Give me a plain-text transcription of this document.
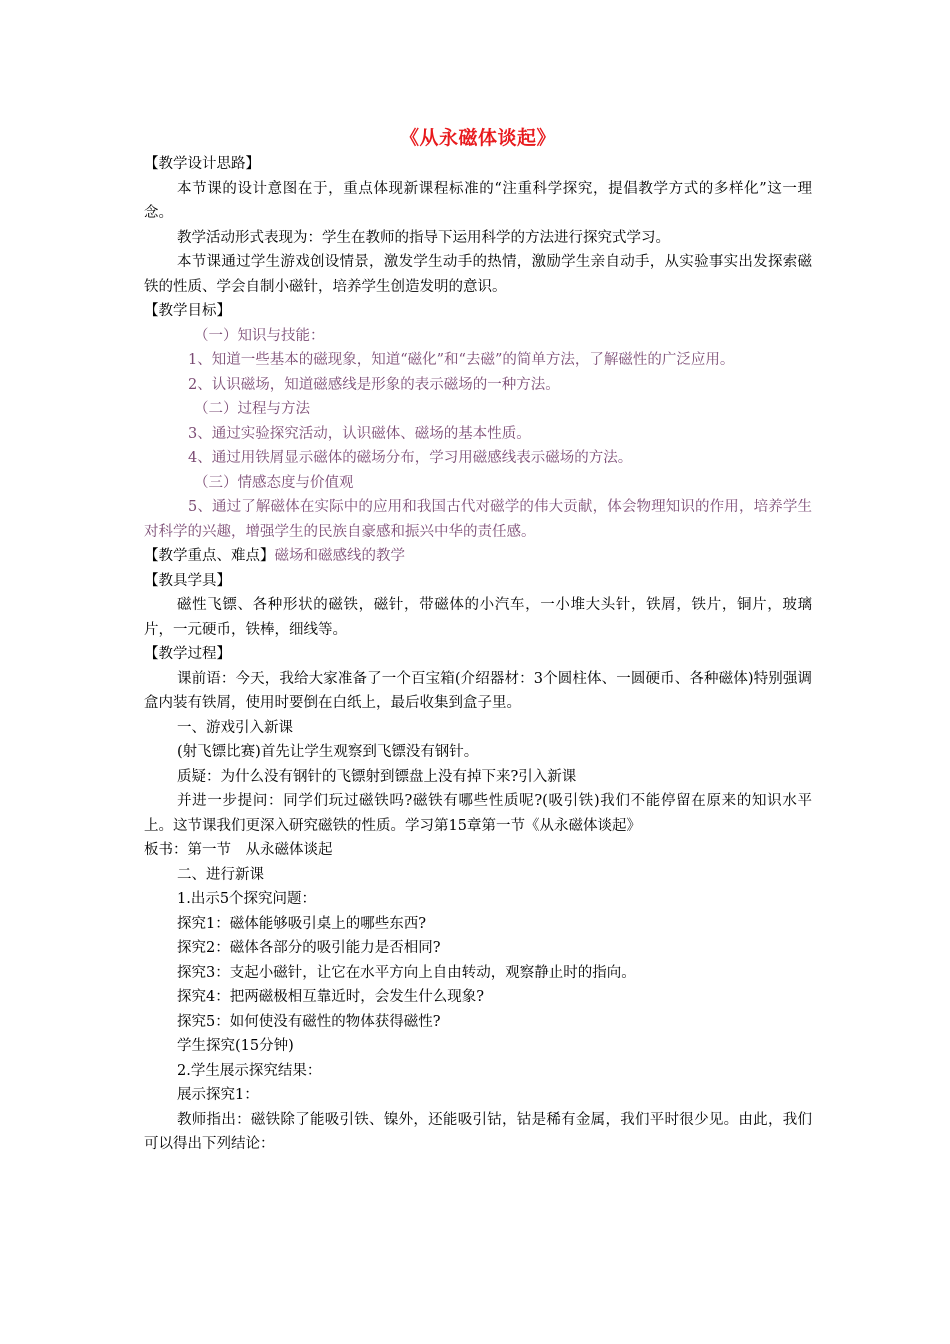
《从永磁体谈起》
【教学设计思路】
本节课的设计意图在于，重点体现新课程标准的“注重科学探究，提倡教学方式的多样化”这一理念。
教学活动形式表现为：学生在教师的指导下运用科学的方法进行探究式学习。
本节课通过学生游戏创设情景，激发学生动手的热情，激励学生亲自动手，从实验事实出发探索磁铁的性质、学会自制小磁针，培养学生创造发明的意识。
【教学目标】
（一）知识与技能：
1、知道一些基本的磁现象，知道“磁化”和“去磁”的简单方法，了解磁性的广泛应用。
2、认识磁场，知道磁感线是形象的表示磁场的一种方法。
（二）过程与方法
3、通过实验探究活动，认识磁体、磁场的基本性质。
4、通过用铁屑显示磁体的磁场分布，学习用磁感线表示磁场的方法。
（三）情感态度与价值观
5、通过了解磁体在实际中的应用和我国古代对磁学的伟大贡献，体会物理知识的作用，培养学生对科学的兴趣，增强学生的民族自豪感和振兴中华的责任感。
【教学重点、难点】磁场和磁感线的教学
【教具学具】
磁性飞镖、各种形状的磁铁，磁针，带磁体的小汽车，一小堆大头针，铁屑，铁片，铜片，玻璃片，一元硬币，铁棒，细线等。
【教学过程】
课前语：今天，我给大家准备了一个百宝箱(介绍器材：3个圆柱体、一圆硬币、各种磁体)特别强调盒内装有铁屑，使用时要倒在白纸上，最后收集到盒子里。
一、游戏引入新课
(射飞镖比赛)首先让学生观察到飞镖没有钢针。
质疑：为什么没有钢针的飞镖射到镖盘上没有掉下来?引入新课
并进一步提问：同学们玩过磁铁吗?磁铁有哪些性质呢?(吸引铁)我们不能停留在原来的知识水平上。这节课我们更深入研究磁铁的性质。学习第15章第一节《从永磁体谈起》
板书：第一节　从永磁体谈起
二、进行新课
1.出示5个探究问题：
探究1：磁体能够吸引桌上的哪些东西?
探究2：磁体各部分的吸引能力是否相同?
探究3：支起小磁针，让它在水平方向上自由转动，观察静止时的指向。
探究4：把两磁极相互靠近时，会发生什么现象?
探究5：如何使没有磁性的物体获得磁性?
学生探究(15分钟)
2.学生展示探究结果：
展示探究1：
教师指出：磁铁除了能吸引铁、镍外，还能吸引钴，钴是稀有金属，我们平时很少见。由此，我们可以得出下列结论：
